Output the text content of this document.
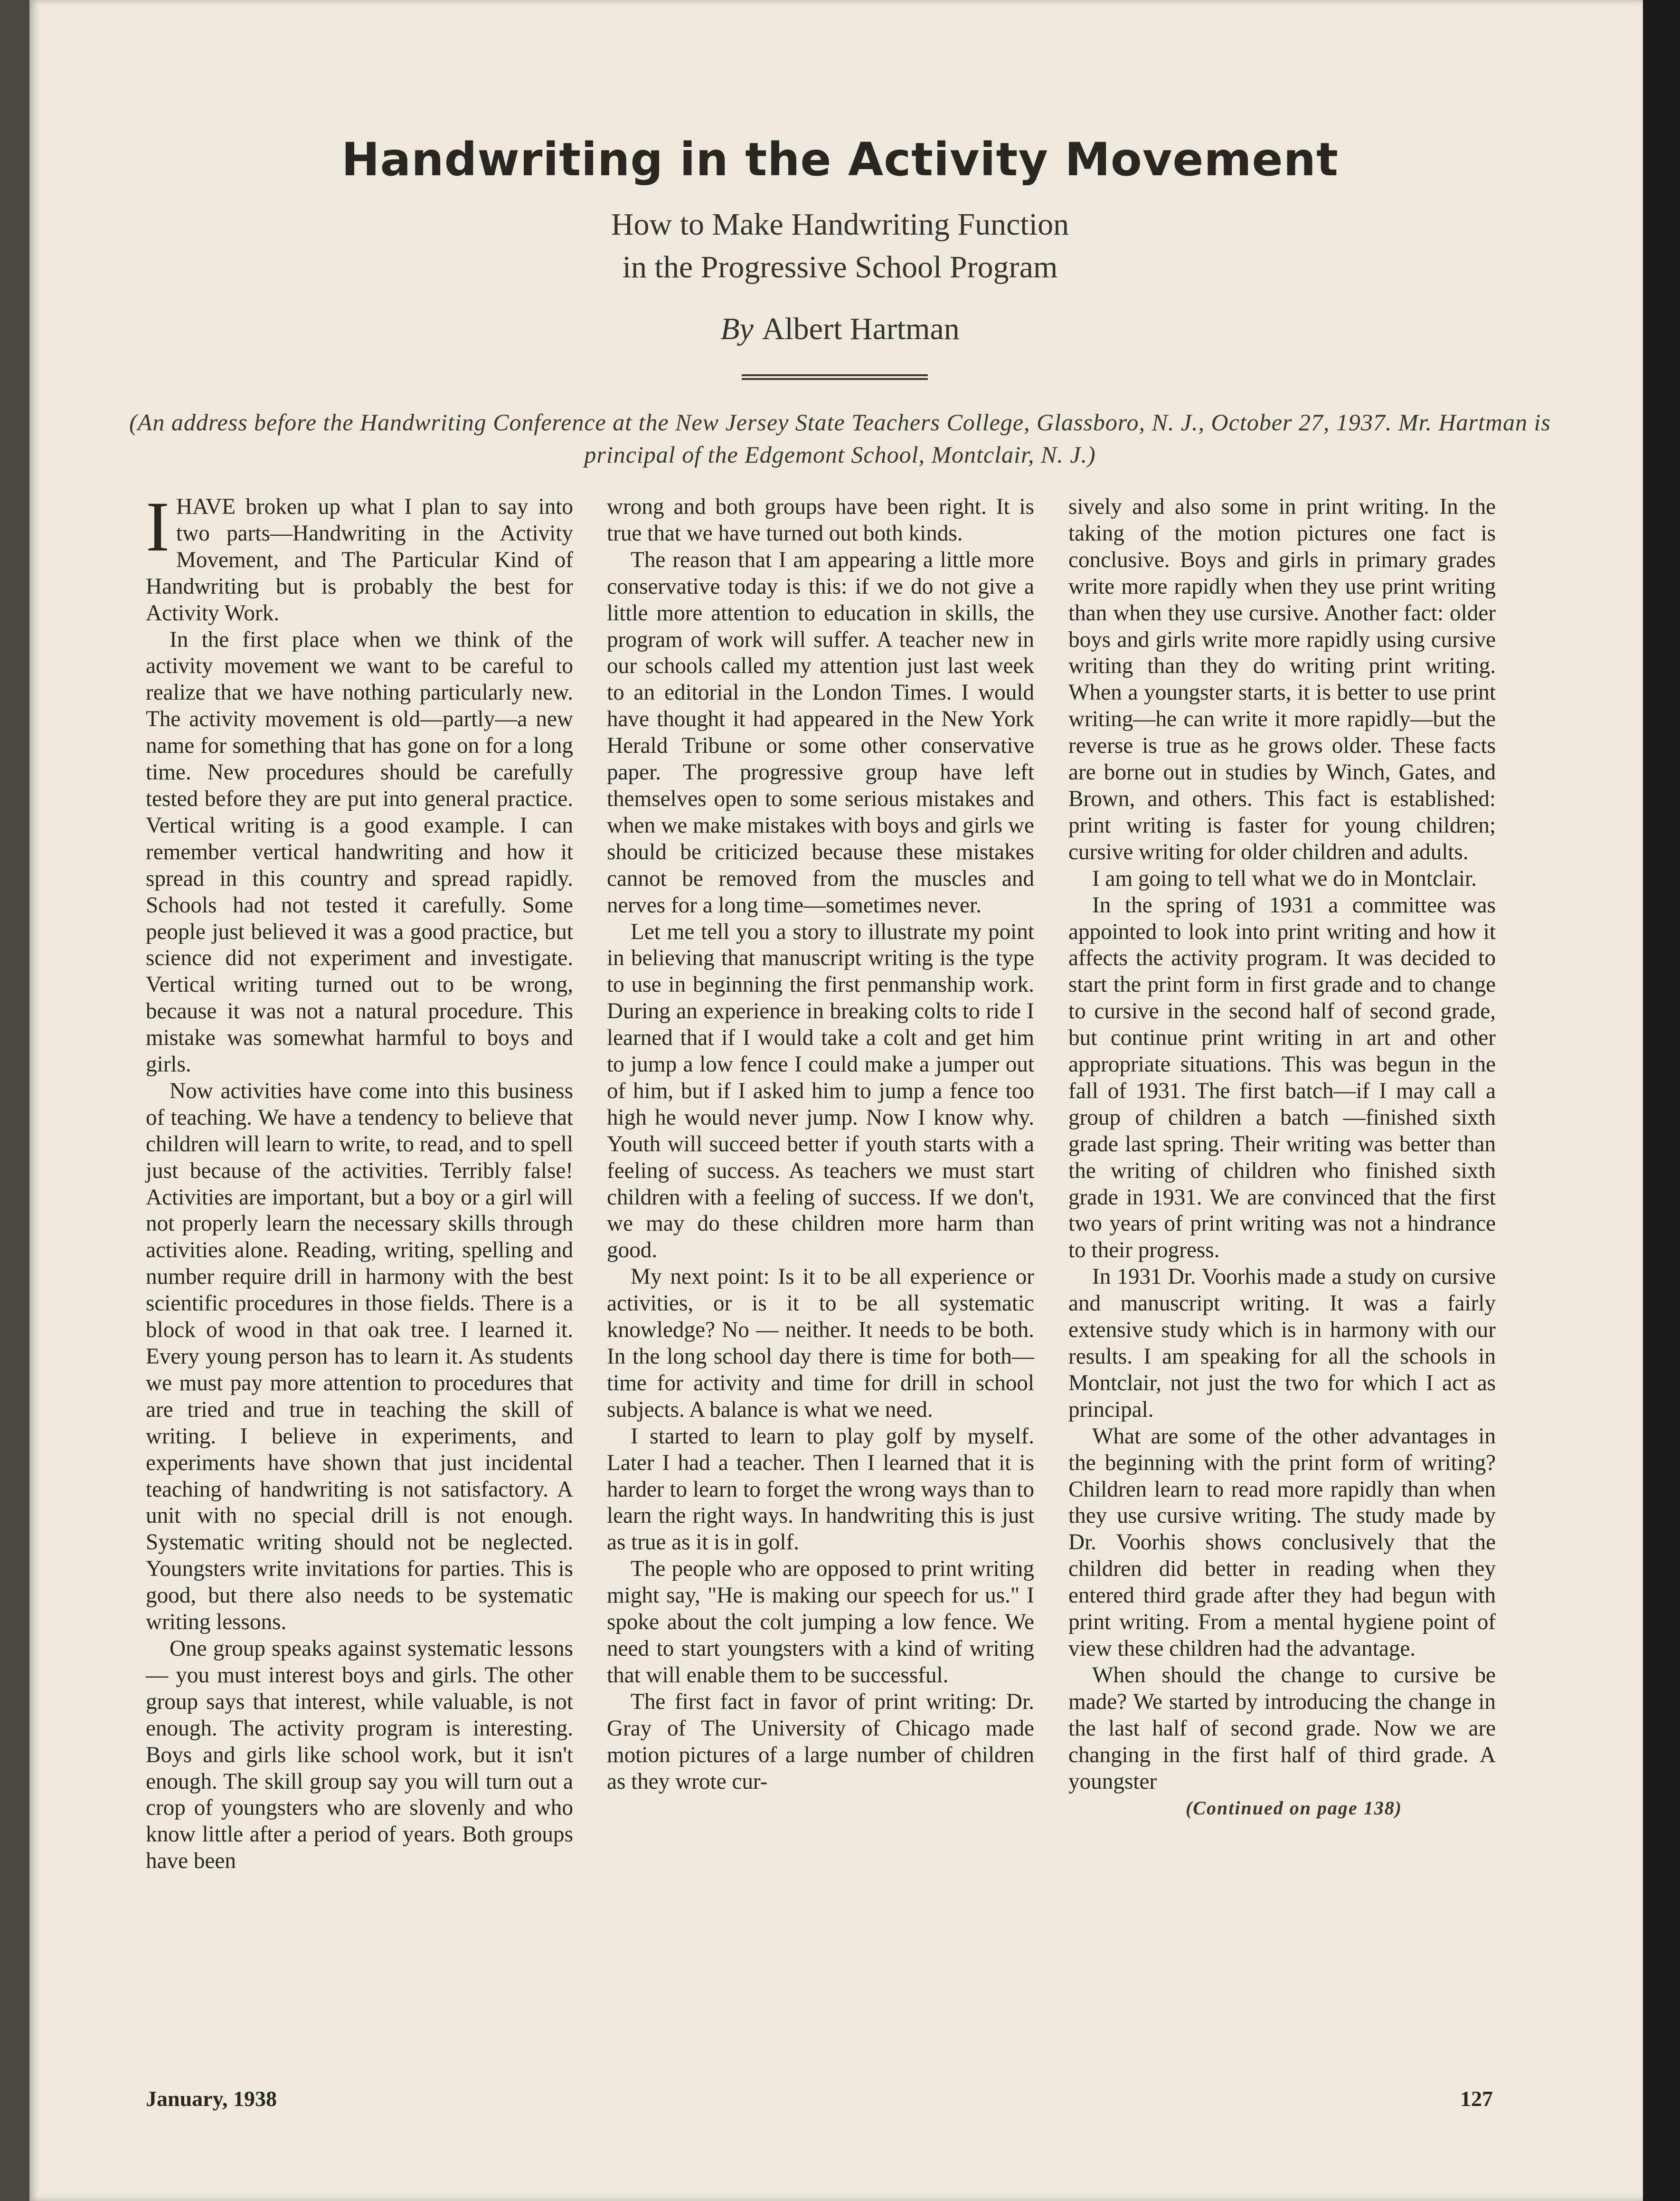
Handwriting in the Activity Movement
How to Make Handwriting Function
in the Progressive School Program
By Albert Hartman
(An address before the Handwriting Conference at the New Jersey State Teachers College, Glassboro, N. J., October 27, 1937. Mr. Hartman is principal of the Edgemont School, Montclair, N. J.)
I HAVE broken up what I plan to say into two parts—Handwriting in the Activity Movement, and The Particular Kind of Handwriting but is probably the best for Activity Work.

In the first place when we think of the activity movement we want to be careful to realize that we have nothing particularly new. The activity movement is old—partly—a new name for something that has gone on for a long time. New procedures should be carefully tested before they are put into general practice. Vertical writing is a good example. I can remember vertical handwriting and how it spread in this country and spread rapidly. Schools had not tested it carefully. Some people just believed it was a good practice, but science did not experiment and investigate. Vertical writing turned out to be wrong, because it was not a natural procedure. This mistake was somewhat harmful to boys and girls.

Now activities have come into this business of teaching. We have a tendency to believe that children will learn to write, to read, and to spell just because of the activities. Terribly false! Activities are important, but a boy or a girl will not properly learn the necessary skills through activities alone. Reading, writing, spelling and number require drill in harmony with the best scientific procedures in those fields. There is a block of wood in that oak tree. I learned it. Every young person has to learn it. As students we must pay more attention to procedures that are tried and true in teaching the skill of writing. I believe in experiments, and experiments have shown that just incidental teaching of handwriting is not satisfactory. A unit with no special drill is not enough. Systematic writing should not be neglected. Youngsters write invitations for parties. This is good, but there also needs to be systematic writing lessons.

One group speaks against systematic lessons — you must interest boys and girls. The other group says that interest, while valuable, is not enough. The activity program is interesting. Boys and girls like school work, but it isn't enough. The skill group say you will turn out a crop of youngsters who are slovenly and who know little after a period of years. Both groups have been

wrong and both groups have been right. It is true that we have turned out both kinds.

The reason that I am appearing a little more conservative today is this: if we do not give a little more attention to education in skills, the program of work will suffer. A teacher new in our schools called my attention just last week to an editorial in the London Times. I would have thought it had appeared in the New York Herald Tribune or some other conservative paper. The progressive group have left themselves open to some serious mistakes and when we make mistakes with boys and girls we should be criticized because these mistakes cannot be removed from the muscles and nerves for a long time—sometimes never.

Let me tell you a story to illustrate my point in believing that manuscript writing is the type to use in beginning the first penmanship work. During an experience in breaking colts to ride I learned that if I would take a colt and get him to jump a low fence I could make a jumper out of him, but if I asked him to jump a fence too high he would never jump. Now I know why. Youth will succeed better if youth starts with a feeling of success. As teachers we must start children with a feeling of success. If we don't, we may do these children more harm than good.

My next point: Is it to be all experience or activities, or is it to be all systematic knowledge? No — neither. It needs to be both. In the long school day there is time for both—time for activity and time for drill in school subjects. A balance is what we need.

I started to learn to play golf by myself. Later I had a teacher. Then I learned that it is harder to learn to forget the wrong ways than to learn the right ways. In handwriting this is just as true as it is in golf.

The people who are opposed to print writing might say, "He is making our speech for us." I spoke about the colt jumping a low fence. We need to start youngsters with a kind of writing that will enable them to be successful.

The first fact in favor of print writing: Dr. Gray of The University of Chicago made motion pictures of a large number of children as they wrote cur-

sively and also some in print writing. In the taking of the motion pictures one fact is conclusive. Boys and girls in primary grades write more rapidly when they use print writing than when they use cursive. Another fact: older boys and girls write more rapidly using cursive writing than they do writing print writing. When a youngster starts, it is better to use print writing—he can write it more rapidly—but the reverse is true as he grows older. These facts are borne out in studies by Winch, Gates, and Brown, and others. This fact is established: print writing is faster for young children; cursive writing for older children and adults.

I am going to tell what we do in Montclair.

In the spring of 1931 a committee was appointed to look into print writing and how it affects the activity program. It was decided to start the print form in first grade and to change to cursive in the second half of second grade, but continue print writing in art and other appropriate situations. This was begun in the fall of 1931. The first batch—if I may call a group of children a batch —finished sixth grade last spring. Their writing was better than the writing of children who finished sixth grade in 1931. We are convinced that the first two years of print writing was not a hindrance to their progress.

In 1931 Dr. Voorhis made a study on cursive and manuscript writing. It was a fairly extensive study which is in harmony with our results. I am speaking for all the schools in Montclair, not just the two for which I act as principal.

What are some of the other advantages in the beginning with the print form of writing? Children learn to read more rapidly than when they use cursive writing. The study made by Dr. Voorhis shows conclusively that the children did better in reading when they entered third grade after they had begun with print writing. From a mental hygiene point of view these children had the advantage.

When should the change to cursive be made? We started by introducing the change in the last half of second grade. Now we are changing in the first half of third grade. A youngster

(Continued on page 138)

January, 1938	127
